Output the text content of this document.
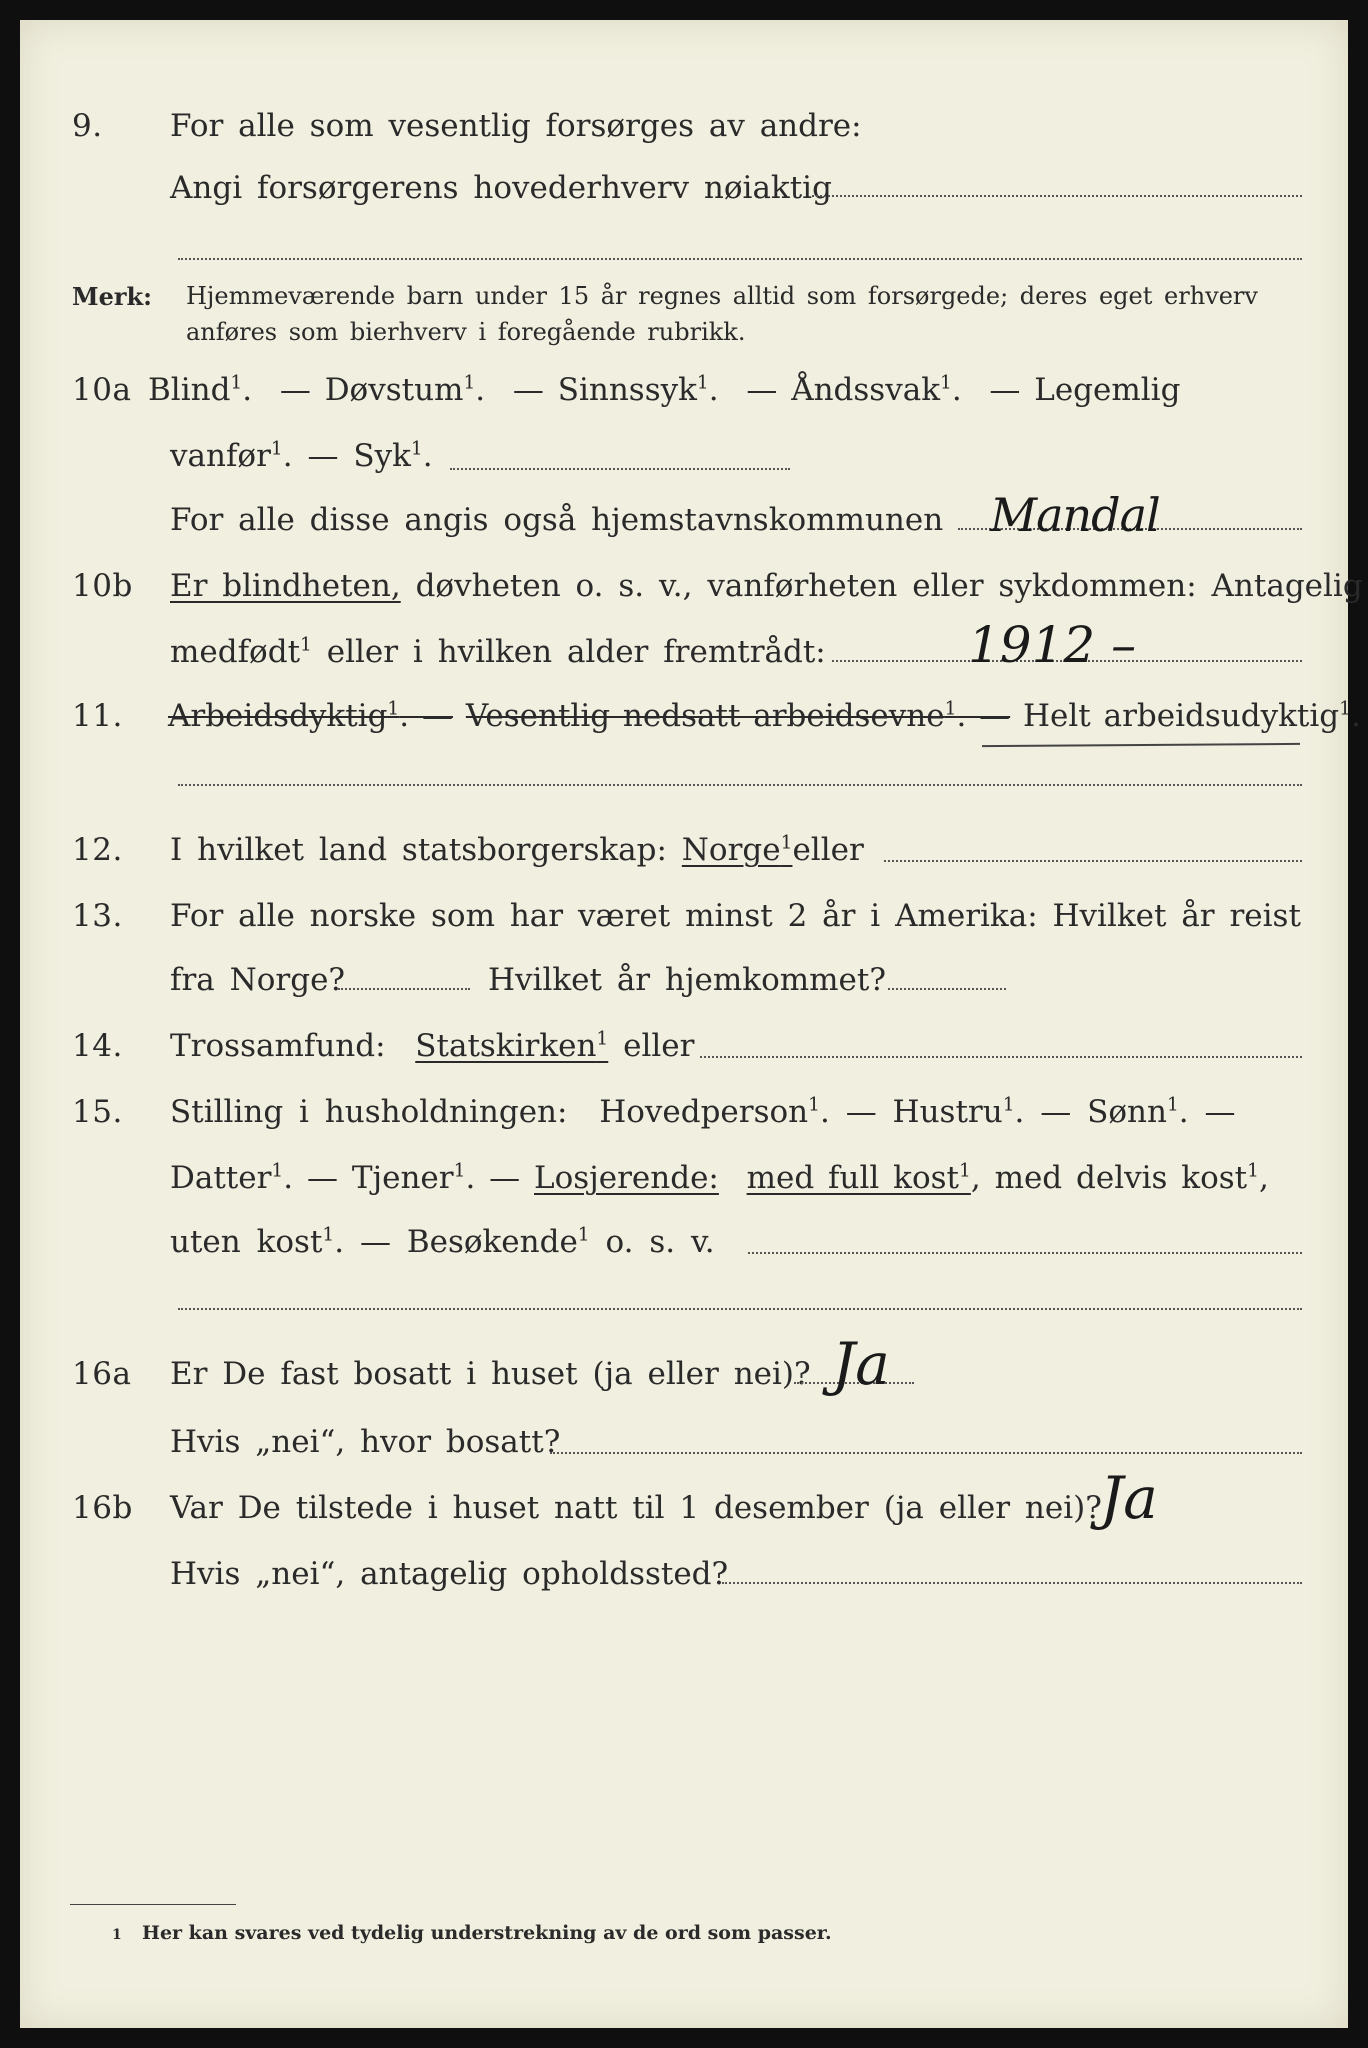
9. For alle som vesentlig forsørges av andre:
Angi forsørgerens hovederhverv nøiaktig
Merk: Hjemmeværende barn under 15 år regnes alltid som forsørgede; deres eget erhverv
anføres som bierhverv i foregående rubrikk.
10a Blind$^1$.  — Døvstum$^1$.  — Sinnssyk$^1$.  — Åndssvak$^1$.  — Legemlig
vanfør$^1$. — Syk$^1$.
For alle disse angis også hjemstavnskommunen Mandal
10b Er blindheten, døvheten o. s. v., vanførheten eller sykdommen: Antagelig
medfødt$^1$ eller i hvilken alder fremtrådt:	1912 –
11. Arbeidsdyktig$^1$. — Vesentlig nedsatt arbeidsevne$^1$. — Helt arbeidsudyktig$^1$.
12. I hvilket land statsborgerskap: Norge$^1$eller
13. For alle norske som har været minst 2 år i Amerika: Hvilket år reist
fra Norge?	Hvilket år hjemkommet?
14. Trossamfund: Statskirken$^1$ eller
15. Stilling i husholdningen: Hovedperson$^1$. — Hustru$^1$. — Sønn$^1$. —
Datter$^1$. — Tjener$^1$. — Losjerende: med full kost$^1$, med delvis kost$^1$,
uten kost$^1$. — Besøkende$^1$ o. s. v.
16a Er De fast bosatt i huset (ja eller nei)? Ja
Hvis „nei“, hvor bosatt?
16b Var De tilstede i huset natt til 1 desember (ja eller nei)?
Ja
Hvis „nei“, antagelig opholdssted?
1 Her kan svares ved tydelig understrekning av de ord som passer.
